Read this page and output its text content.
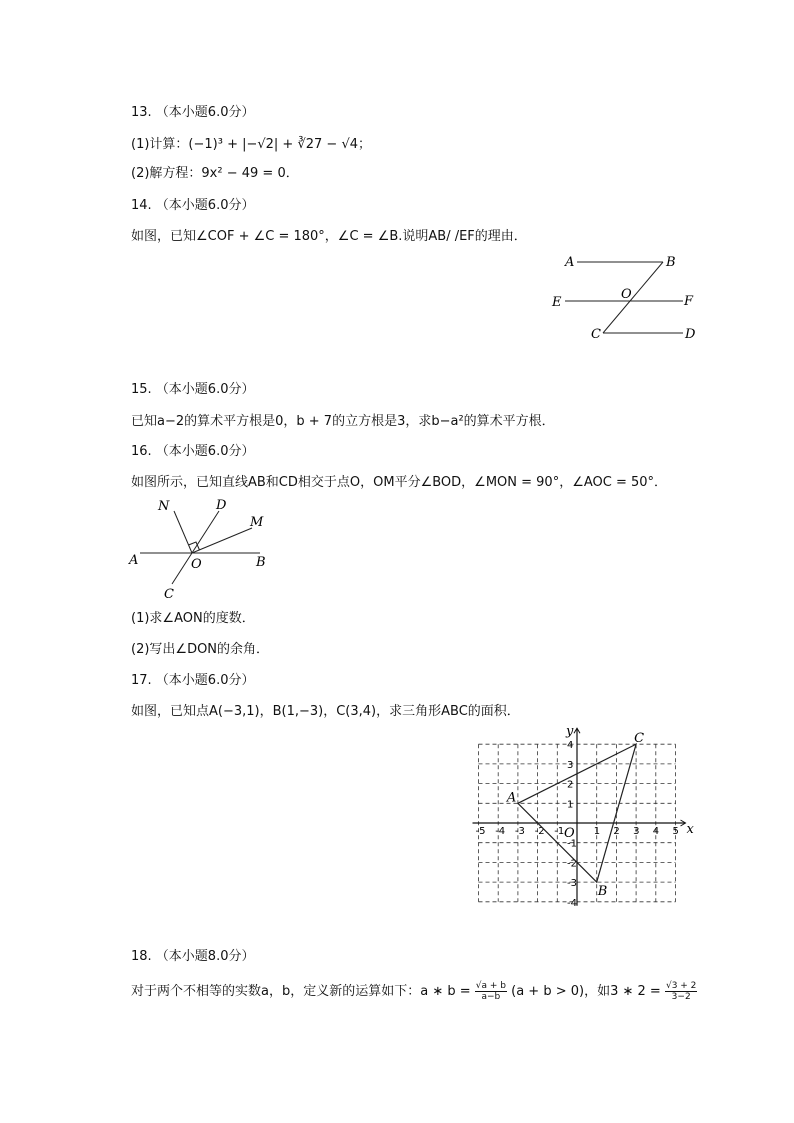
13. （本小题6.0分）
(1)计算：(−1)³ + |−√2| + ∛27 − √4；
(2)解方程：9x² − 49 = 0．
14. （本小题6.0分）
如图，已知∠COF + ∠C = 180°，∠C = ∠B.说明AB/ /EF的理由．
A	B
E
O	F
C	D
15. （本小题6.0分）
已知a−2的算术平方根是0，b + 7的立方根是3，求b−a²的算术平方根．
16. （本小题6.0分）
如图所示，已知直线AB和CD相交于点O，OM平分∠BOD，∠MON = 90°，∠AOC = 50°．
N	D
M
A	O	B
C
(1)求∠AON的度数．
(2)写出∠DON的余角．
17. （本小题6.0分）
如图，已知点A(−3,1)，B(1,−3)，C(3,4)，求三角形ABC的面积．
-5 -4 -3 -2 -1	1 2 3 4 5
4
3
2
1
-1
-2
-3
-4
x
y
O
A
B
C
18. （本小题8.0分）
对于两个不相等的实数a，b，定义新的运算如下：a ∗ $b = \frac{√a + b}{a-b} (a + b > 0)$，如3 ∗ $2 = \frac{√3 + 2}{3-2}$
